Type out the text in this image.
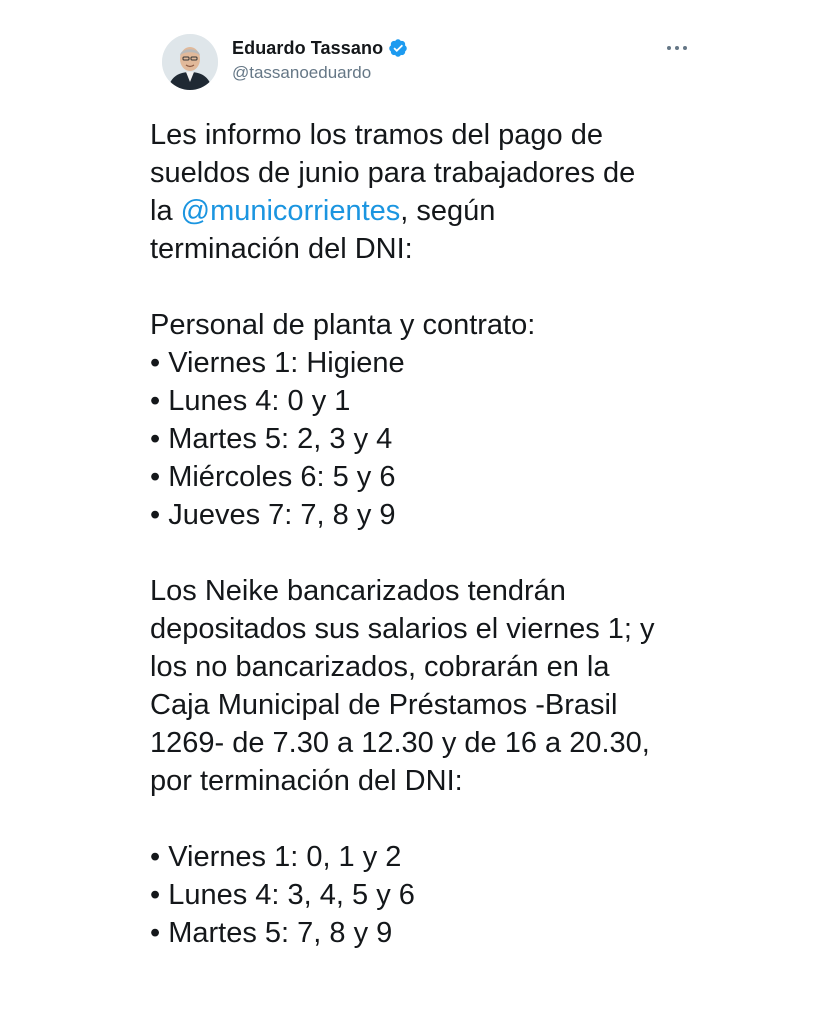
Eduardo Tassano
@tassanoeduardo

Les informo los tramos del pago de

sueldos de junio para trabajadores de

la @municorrientes, según

terminación del DNI:

Personal de planta y contrato:

• Viernes 1: Higiene

• Lunes 4: 0 y 1

• Martes 5: 2, 3 y 4

• Miércoles 6: 5 y 6

• Jueves 7: 7, 8 y 9

Los Neike bancarizados tendrán

depositados sus salarios el viernes 1; y

los no bancarizados, cobrarán en la

Caja Municipal de Préstamos -Brasil

1269- de 7.30 a 12.30 y de 16 a 20.30,

por terminación del DNI:

• Viernes 1: 0, 1 y 2

• Lunes 4: 3, 4, 5 y 6

• Martes 5: 7, 8 y 9
